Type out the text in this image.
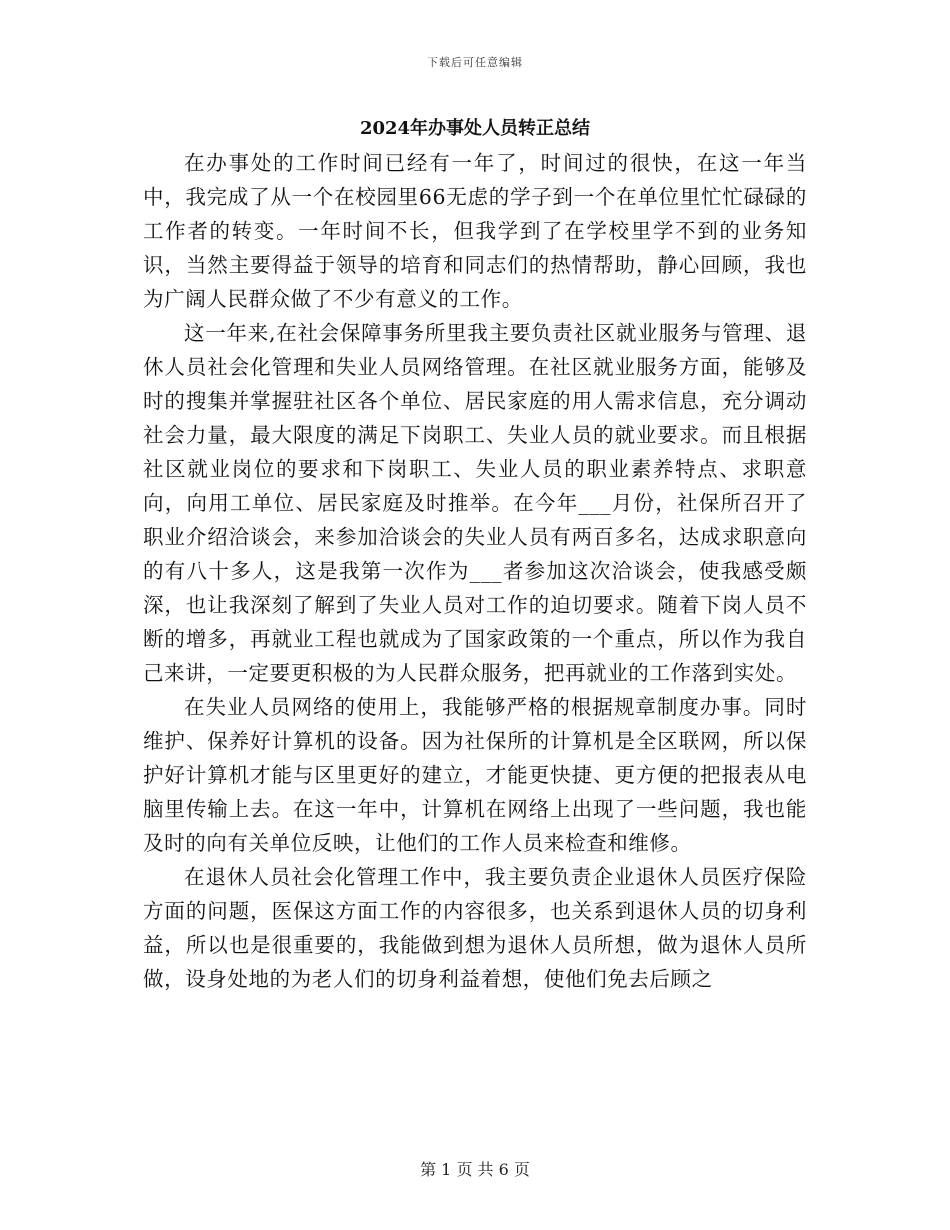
下载后可任意编辑
2024年办事处人员转正总结

在办事处的工作时间已经有一年了，时间过的很快，在这一年当中，我完成了从一个在校园里66无虑的学子到一个在单位里忙忙碌碌的工作者的转变。一年时间不长，但我学到了在学校里学不到的业务知识，当然主要得益于领导的培育和同志们的热情帮助，静心回顾，我也为广阔人民群众做了不少有意义的工作。

这一年来,在社会保障事务所里我主要负责社区就业服务与管理、退休人员社会化管理和失业人员网络管理。在社区就业服务方面，能够及时的搜集并掌握驻社区各个单位、居民家庭的用人需求信息，充分调动社会力量，最大限度的满足下岗职工、失业人员的就业要求。而且根据社区就业岗位的要求和下岗职工、失业人员的职业素养特点、求职意向，向用工单位、居民家庭及时推举。在今年___月份，社保所召开了职业介绍洽谈会，来参加洽谈会的失业人员有两百多名，达成求职意向的有八十多人，这是我第一次作为___者参加这次洽谈会，使我感受颇深，也让我深刻了解到了失业人员对工作的迫切要求。随着下岗人员不断的增多，再就业工程也就成为了国家政策的一个重点，所以作为我自己来讲，一定要更积极的为人民群众服务，把再就业的工作落到实处。

在失业人员网络的使用上，我能够严格的根据规章制度办事。同时维护、保养好计算机的设备。因为社保所的计算机是全区联网，所以保护好计算机才能与区里更好的建立，才能更快捷、更方便的把报表从电脑里传输上去。在这一年中，计算机在网络上出现了一些问题，我也能及时的向有关单位反映，让他们的工作人员来检查和维修。

在退休人员社会化管理工作中，我主要负责企业退休人员医疗保险方面的问题，医保这方面工作的内容很多，也关系到退休人员的切身利益，所以也是很重要的，我能做到想为退休人员所想，做为退休人员所做，设身处地的为老人们的切身利益着想，使他们免去后顾之

第 1 页 共 6 页
